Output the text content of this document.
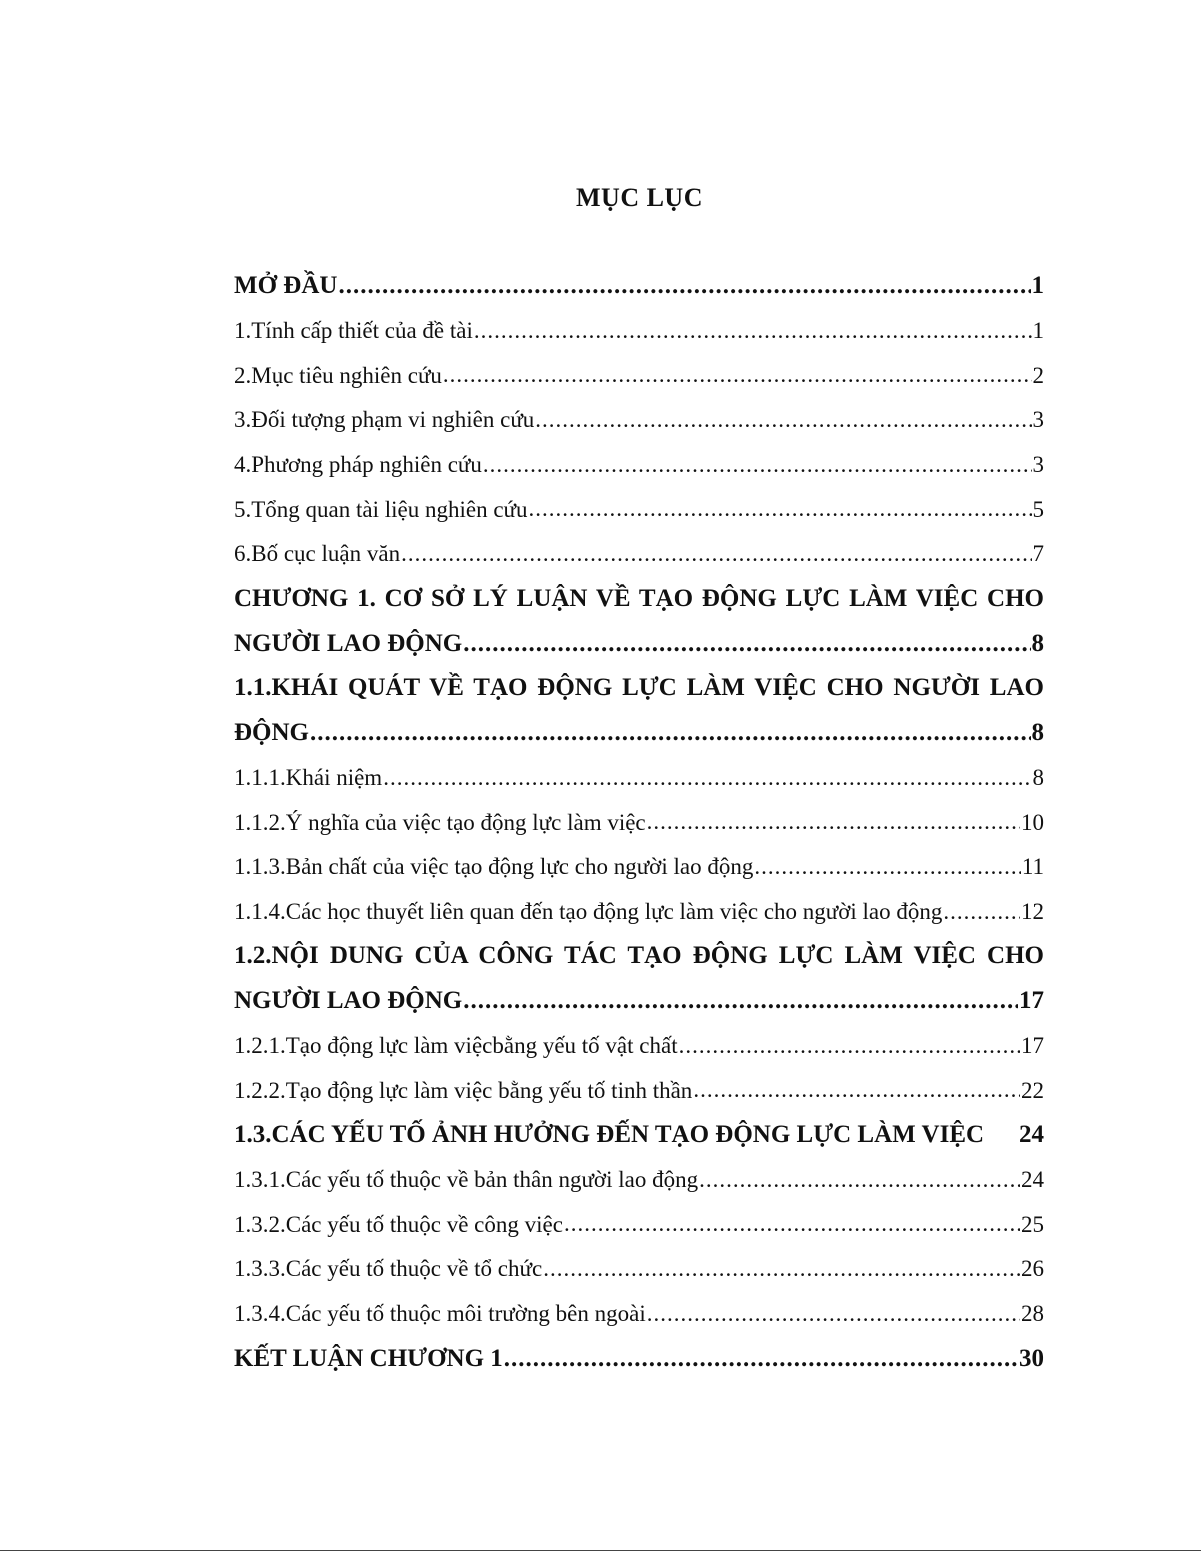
MỤC LỤC
MỞ ĐẦU .....	1
1.Tính cấp thiết của đề tài .....	1
2.Mục tiêu nghiên cứu .....	2
3.Đối tượng phạm vi nghiên cứu .....	3
4.Phương pháp nghiên cứu .....	3
5.Tổng quan tài liệu nghiên cứu .....	5
6.Bố cục luận văn .....	7
CHƯƠNG 1. CƠ SỞ LÝ LUẬN VỀ TẠO ĐỘNG LỰC LÀM VIỆC CHO
NGƯỜI LAO ĐỘNG .....	8
1.1.KHÁI QUÁT VỀ TẠO ĐỘNG LỰC LÀM VIỆC CHO NGƯỜI LAO
ĐỘNG .....	8
1.1.1.Khái niệm .....	8
1.1.2.Ý nghĩa của việc tạo động lực làm việc .....	10
1.1.3.Bản chất của việc tạo động lực cho người lao động .....	11
1.1.4.Các học thuyết liên quan đến tạo động lực làm việc cho người lao động .....	12
1.2.NỘI DUNG CỦA CÔNG TÁC TẠO ĐỘNG LỰC LÀM VIỆC CHO
NGƯỜI LAO ĐỘNG .....	17
1.2.1.Tạo động lực làm việcbằng yếu tố vật chất .....	17
1.2.2.Tạo động lực làm việc bằng yếu tố tinh thần .....	22
1.3.CÁC YẾU TỐ ẢNH HƯỞNG ĐẾN TẠO ĐỘNG LỰC LÀM VIỆC 24
1.3.1.Các yếu tố thuộc về bản thân người lao động .....	24
1.3.2.Các yếu tố thuộc về công việc .....	25
1.3.3.Các yếu tố thuộc về tổ chức .....	26
1.3.4.Các yếu tố thuộc môi trường bên ngoài .....	28
KẾT LUẬN CHƯƠNG 1 .....	30
